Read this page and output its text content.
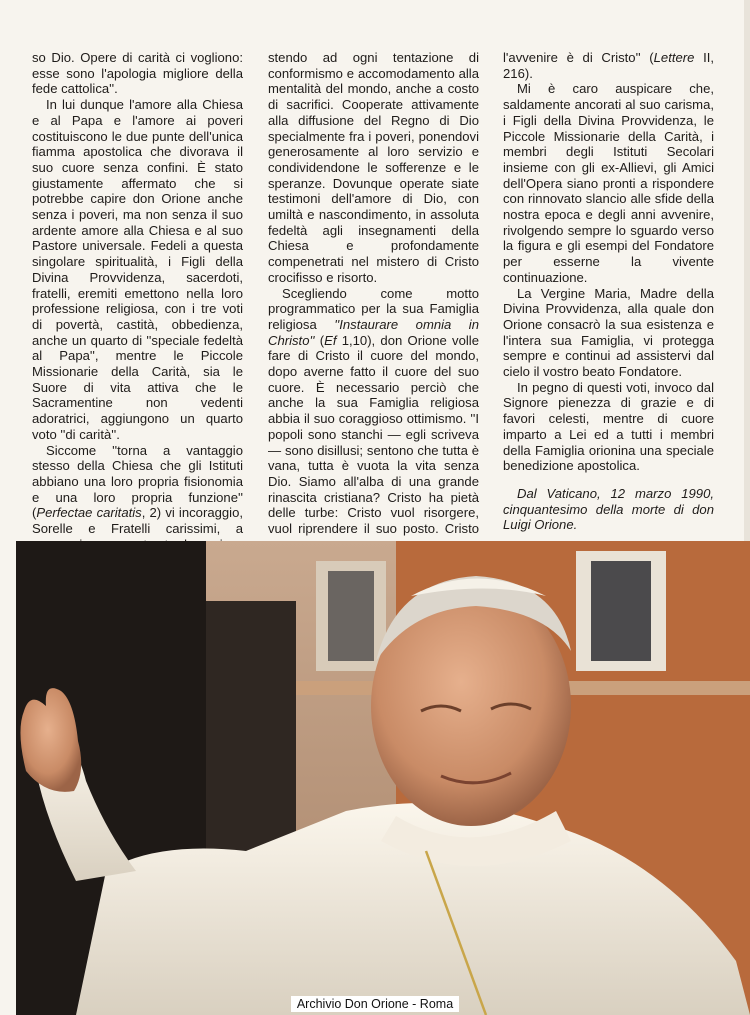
so Dio. Opere di carità ci vogliono: esse sono l'apologia migliore della fede cattolica''.

In lui dunque l'amore alla Chiesa e al Papa e l'amore ai poveri costituiscono le due punte dell'unica fiamma apostolica che divorava il suo cuore senza confini. È stato giustamente affermato che si potrebbe capire don Orione anche senza i poveri, ma non senza il suo ardente amore alla Chiesa e al suo Pastore universale. Fedeli a questa singolare spiritualità, i Figli della Divina Provvidenza, sacerdoti, fratelli, eremiti emettono nella loro professione religiosa, con i tre voti di povertà, castità, obbedienza, anche un quarto di ''speciale fedeltà al Papa'', mentre le Piccole Missionarie della Carità, sia le Suore di vita attiva che le Sacramentine non vedenti adoratrici, aggiungono un quarto voto ''di carità''.

Siccome ''torna a vantaggio stesso della Chiesa che gli Istituti abbiano una loro propria fisionomia e una loro propria funzione'' (Perfectae caritatis, 2) vi incoraggio, Sorelle e Fratelli carissimi, a

stendo ad ogni tentazione di conformismo e accomodamento alla mentalità del mondo, anche a costo di sacrifici. Cooperate attivamente alla diffusione del Regno di Dio specialmente fra i poveri, ponendovi generosamente al loro servizio e condividendone le sofferenze e le speranze. Dovunque operate siate testimoni dell'amore di Dio, con umiltà e nascondimento, in assoluta fedeltà agli insegnamenti della Chiesa e profondamente compenetrati nel mistero di Cristo crocifisso e risorto.

Scegliendo come motto programmatico per la sua Famiglia religiosa ''Instaurare omnia in Christo'' (Ef 1,10), don Orione volle fare di Cristo il cuore del mondo, dopo averne fatto il cuore del suo cuore. È necessario perciò che anche la sua Famiglia religiosa abbia il suo coraggioso ottimismo. ''I popoli sono stanchi — egli scriveva — sono disillusi; sentono che tutta è vana, tutta è vuota la vita senza Dio. Siamo all'alba di una grande rinascita cristiana? Cristo ha pietà delle turbe: Cristo vuol risorgere, vuol riprendere il suo posto. Cristo

l'avvenire è di Cristo'' (Lettere II, 216).

Mi è caro auspicare che, saldamente ancorati al suo carisma, i Figli della Divina Provvidenza, le Piccole Missionarie della Carità, i membri degli Istituti Secolari insieme con gli ex-Allievi, gli Amici dell'Opera siano pronti a rispondere con rinnovato slancio alle sfide della nostra epoca e degli anni avvenire, rivolgendo sempre lo sguardo verso la figura e gli esempi del Fondatore per esserne la vivente continuazione.

La Vergine Maria, Madre della Divina Provvidenza, alla quale don Orione consacrò la sua esistenza e l'intera sua Famiglia, vi protegga sempre e continui ad assistervi dal cielo il vostro beato Fondatore.

In pegno di questi voti, invoco dal Signore pienezza di grazie e di favori celesti, mentre di cuore imparto a Lei ed a tutti i membri della Famiglia orionina una speciale benedizione apostolica.

Dal Vaticano, 12 marzo 1990, cinquantesimo della morte di don Luigi Orione.

Archivio Don Orione - Roma
